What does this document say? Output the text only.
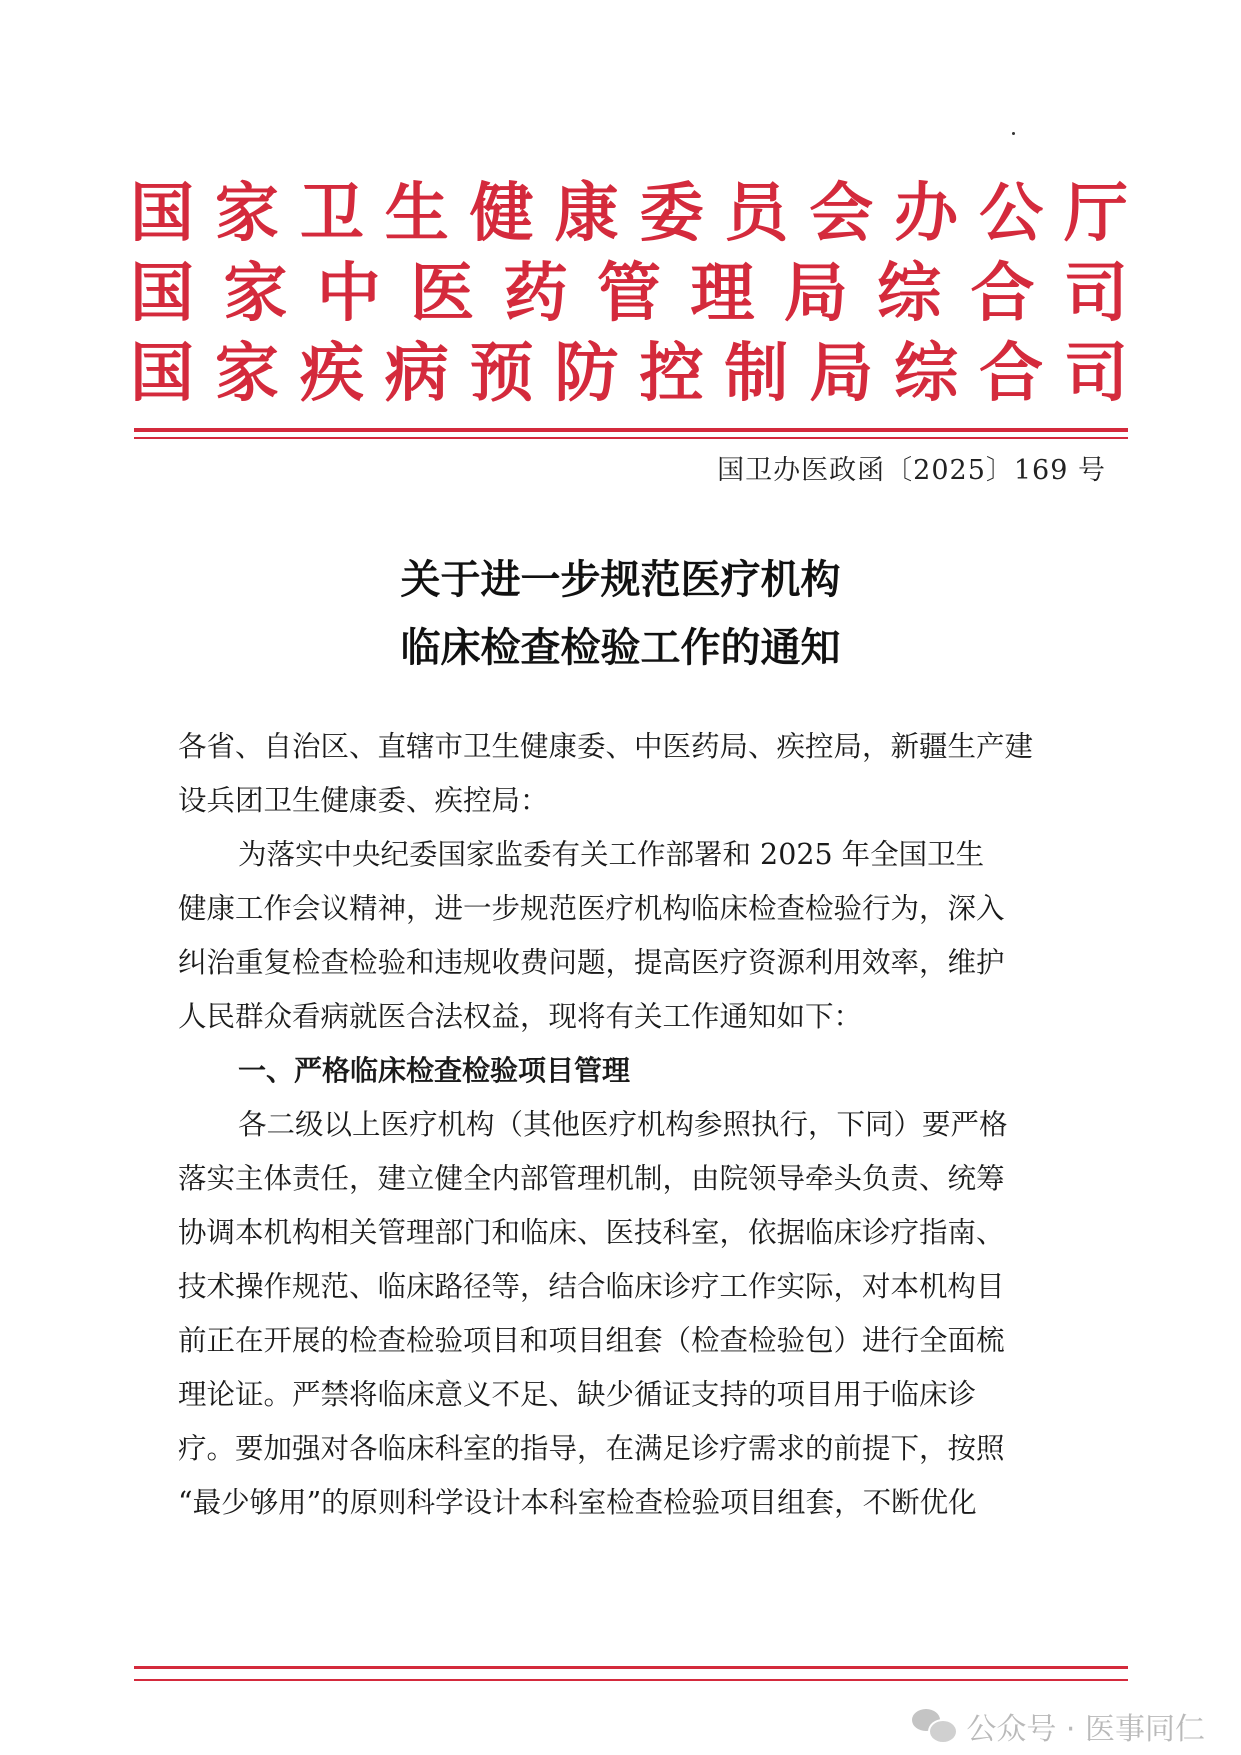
国 家 卫 生 健 康 委 员 会 办 公 厅
国 家 中 医 药 管 理 局 综 合 司
国 家 疾 病 预 防 控 制 局 综 合 司
国卫办医政函〔2025〕169 号
关于进一步规范医疗机构
临床检查检验工作的通知
各省、自治区、直辖市卫生健康委、中医药局、疾控局，新疆生产建
设兵团卫生健康委、疾控局：
为落实中央纪委国家监委有关工作部署和 2025 年全国卫生
健康工作会议精神，进一步规范医疗机构临床检查检验行为，深入
纠治重复检查检验和违规收费问题，提高医疗资源利用效率，维护
人民群众看病就医合法权益，现将有关工作通知如下：
一、严格临床检查检验项目管理
各二级以上医疗机构（其他医疗机构参照执行，下同）要严格
落实主体责任，建立健全内部管理机制，由院领导牵头负责、统筹
协调本机构相关管理部门和临床、医技科室，依据临床诊疗指南、
技术操作规范、临床路径等，结合临床诊疗工作实际，对本机构目
前正在开展的检查检验项目和项目组套（检查检验包）进行全面梳
理论证。严禁将临床意义不足、缺少循证支持的项目用于临床诊
疗。要加强对各临床科室的指导，在满足诊疗需求的前提下，按照
“最少够用”的原则科学设计本科室检查检验项目组套，不断优化
公众号 · 医事同仁
